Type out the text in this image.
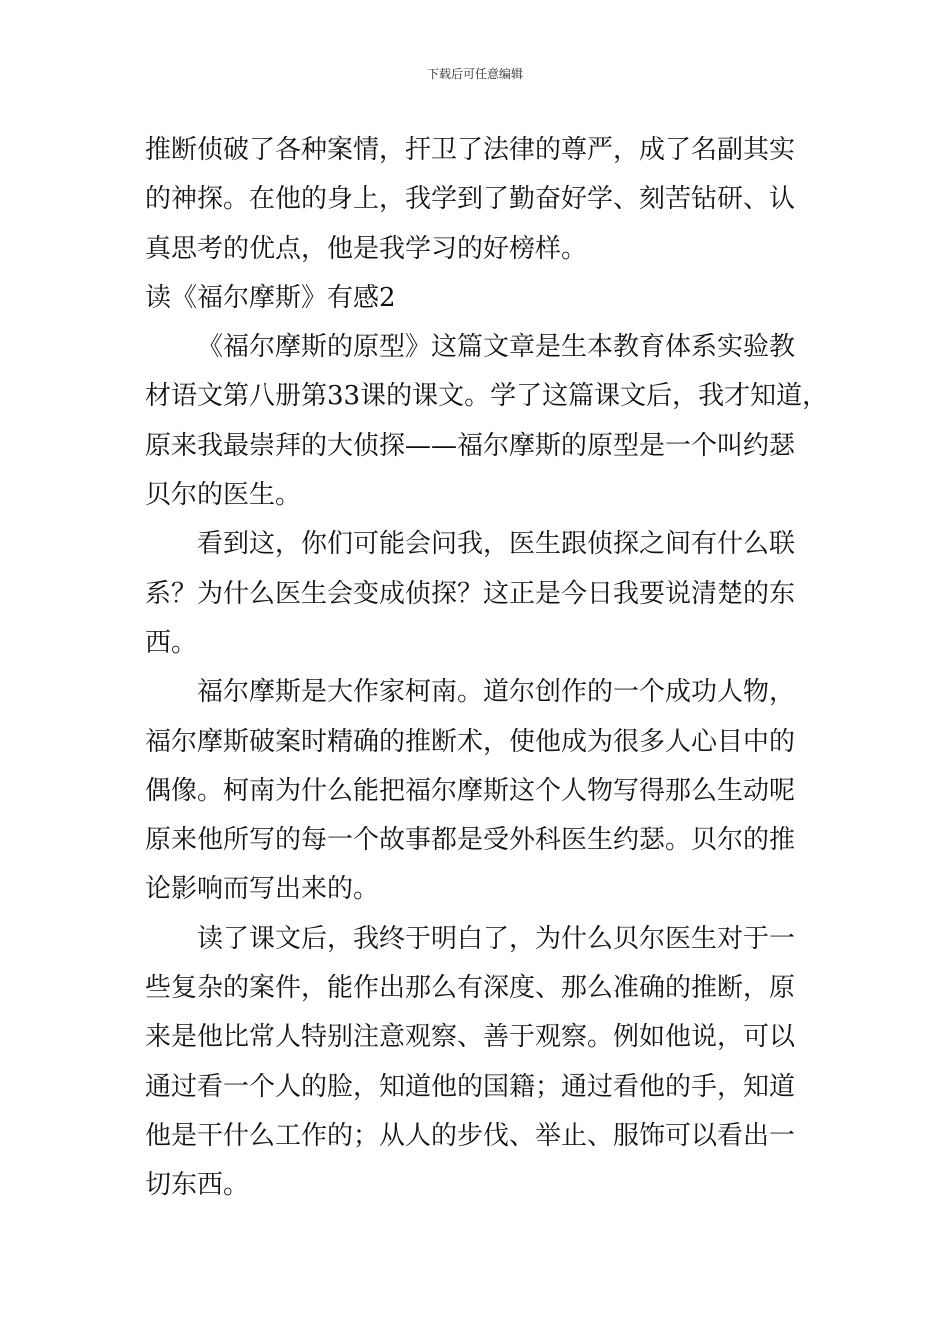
下载后可任意编辑
推断侦破了各种案情，扞卫了法律的尊严，成了名副其实
的神探。在他的身上，我学到了勤奋好学、刻苦钻研、认
真思考的优点，他是我学习的好榜样。
读《福尔摩斯》有感2
《福尔摩斯的原型》这篇文章是生本教育体系实验教
材语文第八册第33课的课文。学了这篇课文后，我才知道，
原来我最崇拜的大侦探——福尔摩斯的原型是一个叫约瑟
贝尔的医生。
看到这，你们可能会问我，医生跟侦探之间有什么联
系？为什么医生会变成侦探？这正是今日我要说清楚的东
西。
福尔摩斯是大作家柯南。道尔创作的一个成功人物，
福尔摩斯破案时精确的推断术，使他成为很多人心目中的
偶像。柯南为什么能把福尔摩斯这个人物写得那么生动呢
原来他所写的每一个故事都是受外科医生约瑟。贝尔的推
论影响而写出来的。
读了课文后，我终于明白了，为什么贝尔医生对于一
些复杂的案件，能作出那么有深度、那么准确的推断，原
来是他比常人特别注意观察、善于观察。例如他说，可以
通过看一个人的脸，知道他的国籍；通过看他的手，知道
他是干什么工作的；从人的步伐、举止、服饰可以看出一
切东西。
